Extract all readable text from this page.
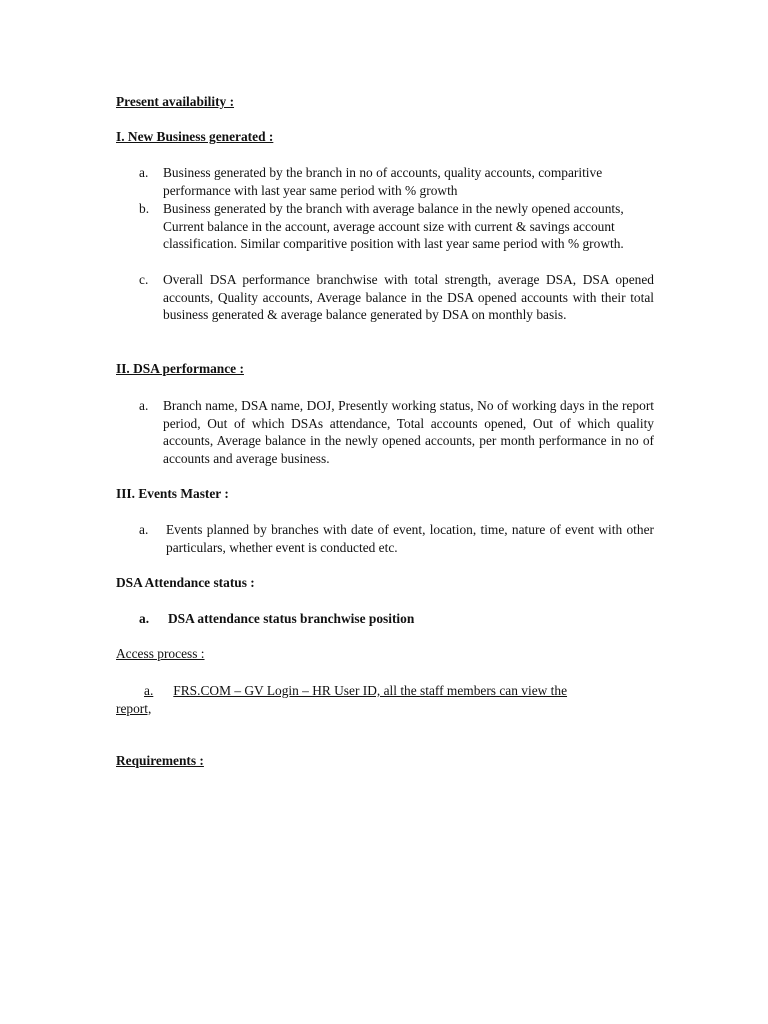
Present availability :
I. New Business generated :
a. Business generated by the branch in no of accounts, quality accounts, comparitive performance with last year same period with % growth
b. Business generated by the branch with average balance in the newly opened accounts, Current balance in the account, average account size with current & savings account classification. Similar comparitive position with last year same period with % growth.
c. Overall DSA performance branchwise with total strength, average DSA, DSA opened accounts, Quality accounts, Average balance in the DSA opened accounts with their total business generated & average balance generated by DSA on monthly basis.
II. DSA performance :
a. Branch name, DSA name, DOJ, Presently working status, No of working days in the report period, Out of which DSAs attendance, Total accounts opened, Out of which quality accounts, Average balance in the newly opened accounts, per month performance in no of accounts and average business.
III. Events Master :
a. Events planned by branches with date of event, location, time, nature of event with other particulars, whether event is conducted etc.
DSA Attendance status :
a. DSA attendance status branchwise position
Access process :
a. FRS.COM – GV Login – HR User ID, all the staff members can view the
report,
Requirements :
